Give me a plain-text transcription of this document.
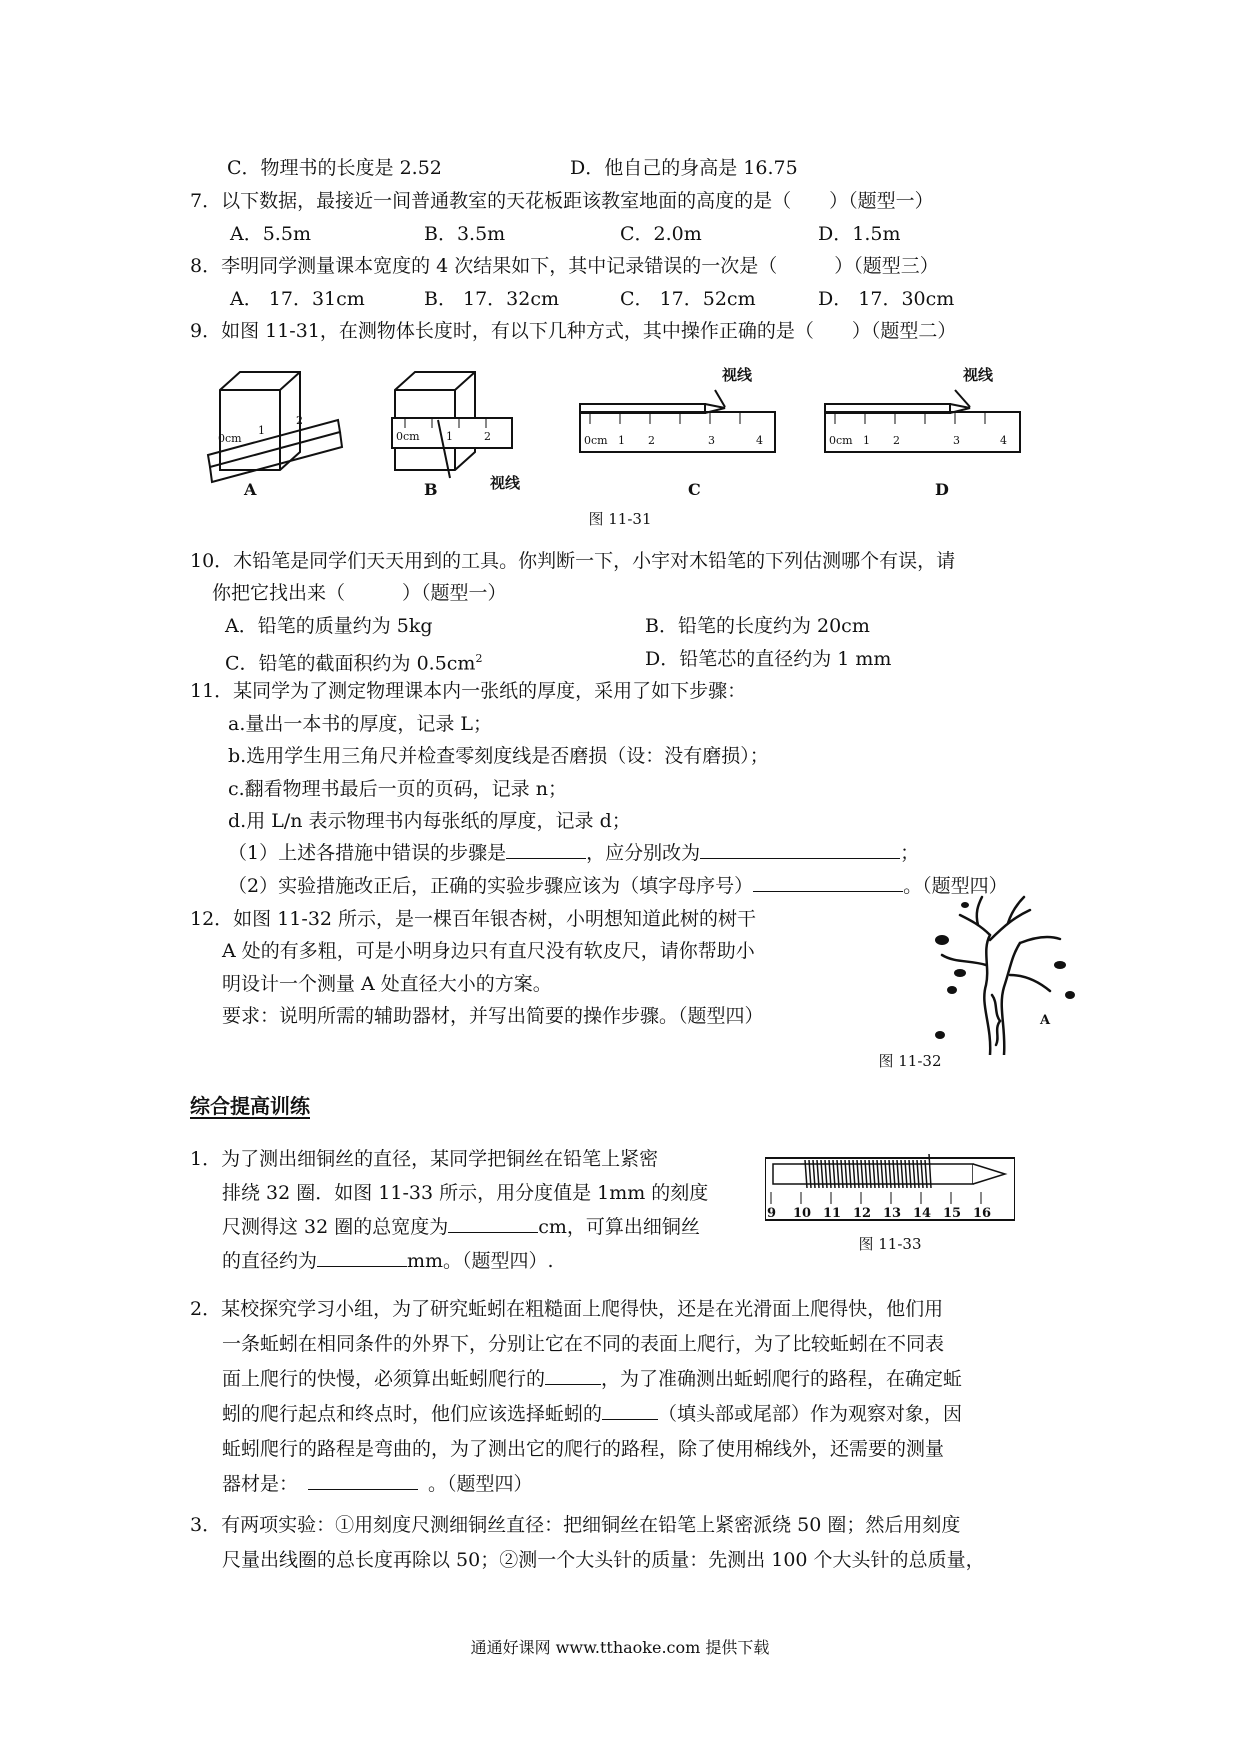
C．物理书的长度是 2.52	D．他自己的身高是 16.75
7．以下数据，最接近一间普通教室的天花板距该教室地面的高度的是（　　）（题型一）
A．5.5m	B．3.5m	C．2.0m	D．1.5m
8．李明同学测量课本宽度的 4 次结果如下，其中记录错误的一次是（　　　）（题型三）
A． 17．31cm	B． 17．32cm	C． 17．52cm	D． 17．30cm
9．如图 11-31，在测物体长度时，有以下几种方式，其中操作正确的是（　　）（题型二）
0cm
1
2
0cm 1	2	0cm 1 2	3	4	0cm 1 2	3	4
视线
视线	视线
A	B	C	D
图 11-31
10．木铅笔是同学们天天用到的工具。你判断一下，小宇对木铅笔的下列估测哪个有误，请
你把它找出来（　　　）（题型一）
A．铅笔的质量约为 5kg	B．铅笔的长度约为 20cm
C．铅笔的截面积约为 $0.5cm^2$	D．铅笔芯的直径约为 1 mm
11．某同学为了测定物理课本内一张纸的厚度，采用了如下步骤：
a.量出一本书的厚度，记录 L；
b.选用学生用三角尺并检查零刻度线是否磨损（设：没有磨损）；
c.翻看物理书最后一页的页码，记录 n；
d.用 L/n 表示物理书内每张纸的厚度，记录 d；
（1）上述各措施中错误的步骤是	，应分别改为	；
（2）实验措施改正后，正确的实验步骤应该为（填字母序号）	。（题型四）
12．如图 11-32 所示，是一棵百年银杏树，小明想知道此树的树干
A 处的有多粗，可是小明身边只有直尺没有软皮尺，请你帮助小
明设计一个测量 A 处直径大小的方案。
要求：说明所需的辅助器材，并写出简要的操作步骤。（题型四）	A
图 11-32
综合提高训练
1．为了测出细铜丝的直径，某同学把铜丝在铅笔上紧密
排绕 32 圈．如图 11-33 所示，用分度值是 1mm 的刻度
尺测得这 32 圈的总宽度为	cm，可算出细铜丝
的直径约为	mm。（题型四）.
9 10 11 12 13 14 15 16
图 11-33
2．某校探究学习小组，为了研究蚯蚓在粗糙面上爬得快，还是在光滑面上爬得快，他们用
一条蚯蚓在相同条件的外界下，分别让它在不同的表面上爬行，为了比较蚯蚓在不同表
面上爬行的快慢，必须算出蚯蚓爬行的	，为了准确测出蚯蚓爬行的路程，在确定蚯
蚓的爬行起点和终点时，他们应该选择蚯蚓的	（填头部或尾部）作为观察对象，因
蚯蚓爬行的路程是弯曲的，为了测出它的爬行的路程，除了使用棉线外，还需要的测量
器材是：	。（题型四）
3．有两项实验：①用刻度尺测细铜丝直径：把细铜丝在铅笔上紧密派绕 50 圈；然后用刻度
尺量出线圈的总长度再除以 50；②测一个大头针的质量：先测出 100 个大头针的总质量，
通通好课网 www.tthaoke.com 提供下载
